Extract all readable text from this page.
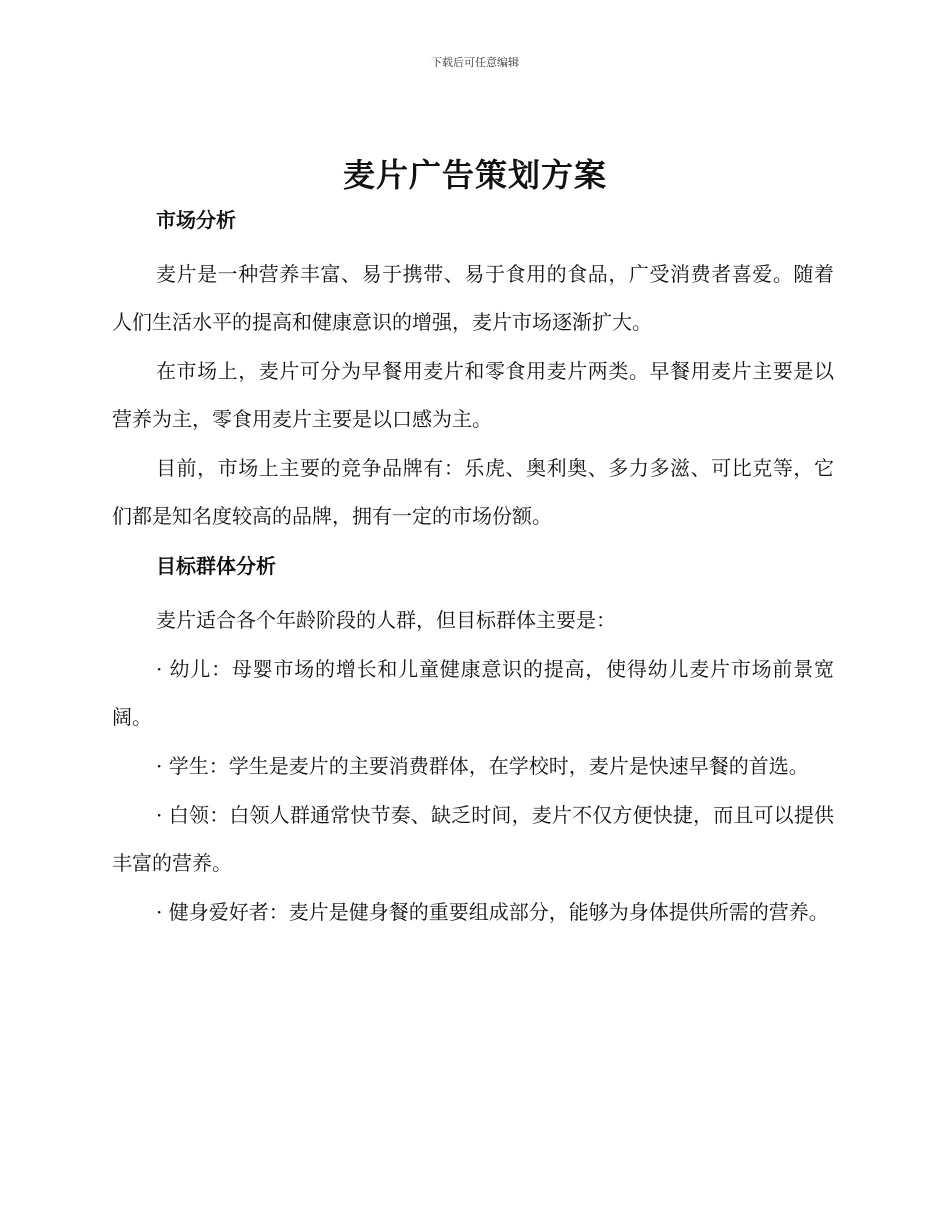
下载后可任意编辑
麦片广告策划方案
市场分析

麦片是一种营养丰富、易于携带、易于食用的食品，广受消费者喜爱。随着人们生活水平的提高和健康意识的增强，麦片市场逐渐扩大。

在市场上，麦片可分为早餐用麦片和零食用麦片两类。早餐用麦片主要是以营养为主，零食用麦片主要是以口感为主。

目前，市场上主要的竞争品牌有：乐虎、奥利奥、多力多滋、可比克等，它们都是知名度较高的品牌，拥有一定的市场份额。

目标群体分析

麦片适合各个年龄阶段的人群，但目标群体主要是：

· 幼儿：母婴市场的增长和儿童健康意识的提高，使得幼儿麦片市场前景宽阔。

· 学生：学生是麦片的主要消费群体，在学校时，麦片是快速早餐的首选。

· 白领：白领人群通常快节奏、缺乏时间，麦片不仅方便快捷，而且可以提供丰富的营养。

· 健身爱好者：麦片是健身餐的重要组成部分，能够为身体提供所需的营养。
